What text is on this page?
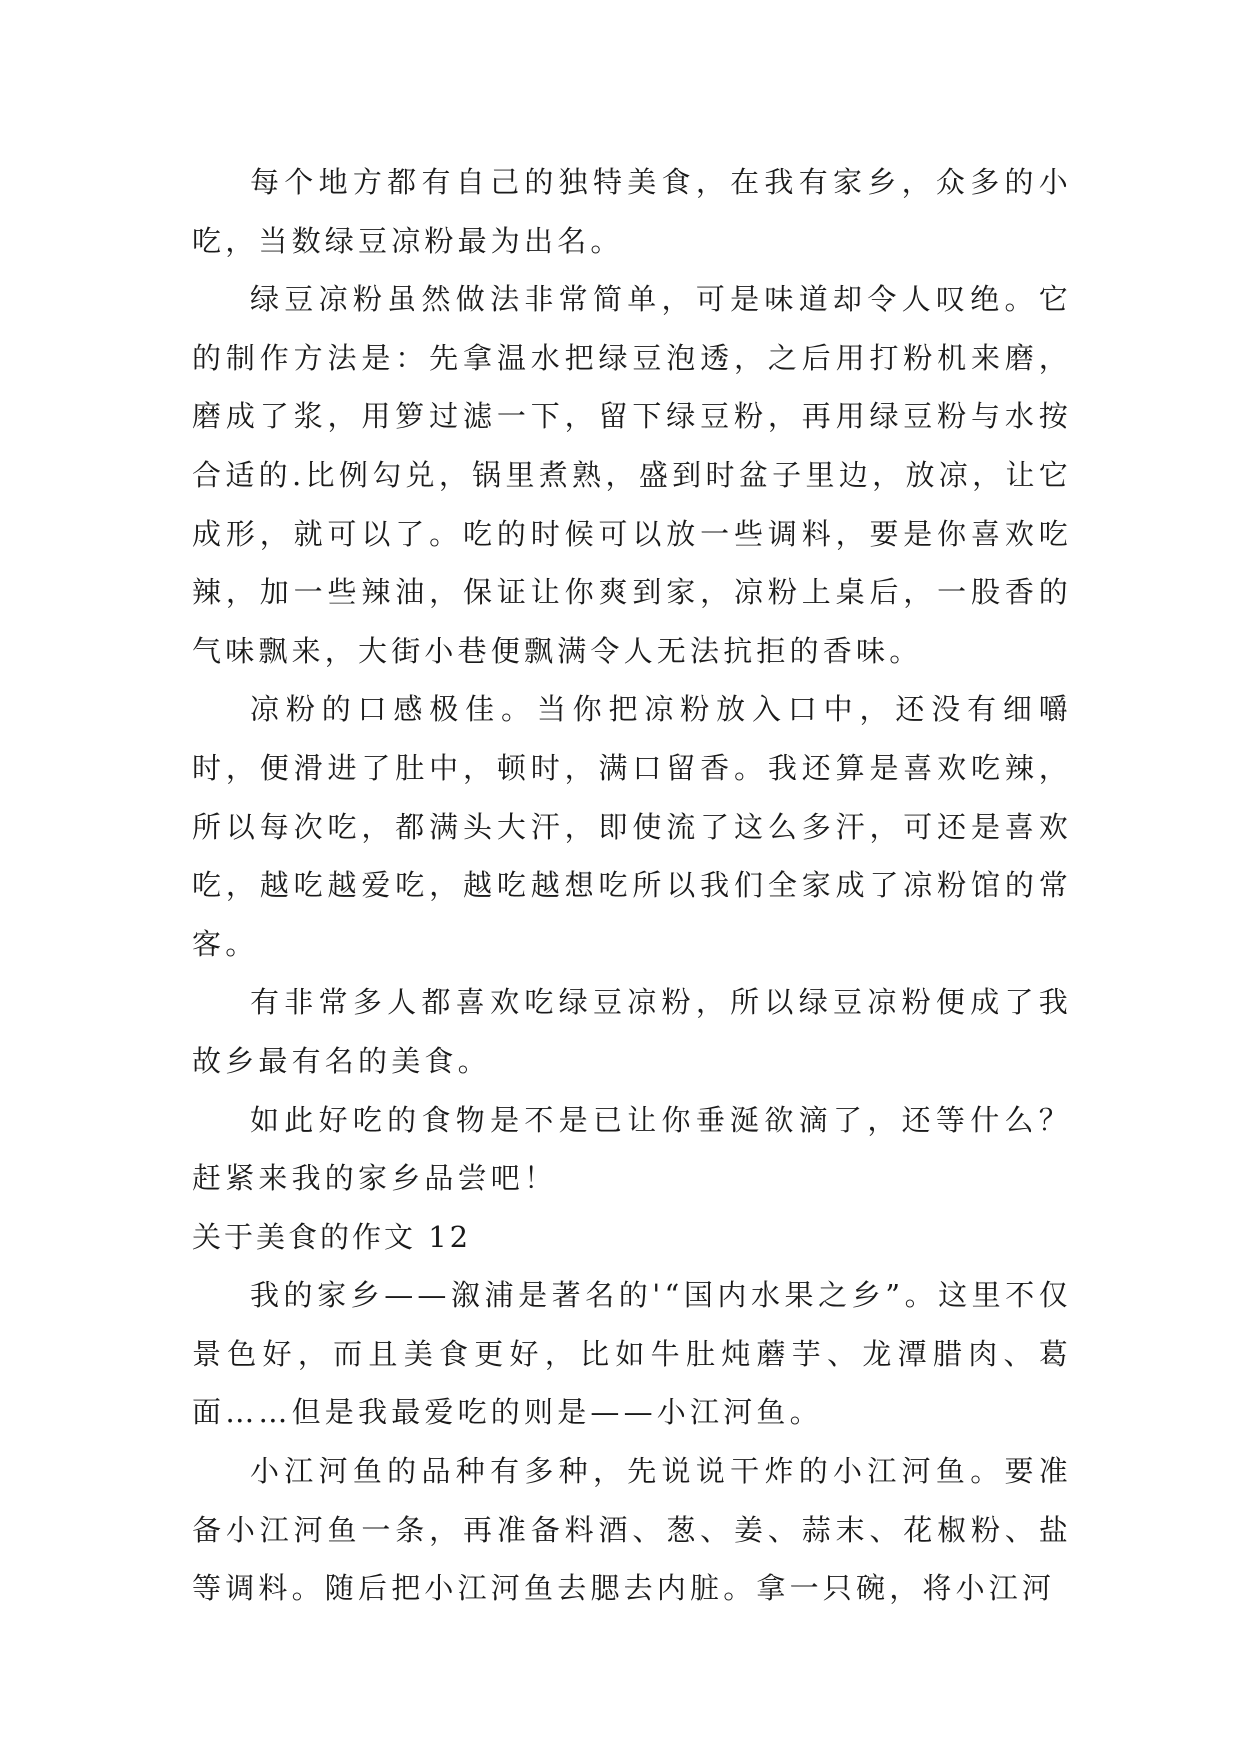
每个地方都有自己的独特美食，在我有家乡，众多的小吃，当数绿豆凉粉最为出名。

绿豆凉粉虽然做法非常简单，可是味道却令人叹绝。它的制作方法是：先拿温水把绿豆泡透，之后用打粉机来磨，磨成了浆，用箩过滤一下，留下绿豆粉，再用绿豆粉与水按合适的.比例勾兑，锅里煮熟，盛到时盆子里边，放凉，让它成形，就可以了。吃的时候可以放一些调料，要是你喜欢吃辣，加一些辣油，保证让你爽到家，凉粉上桌后，一股香的气味飘来，大街小巷便飘满令人无法抗拒的香味。

凉粉的口感极佳。当你把凉粉放入口中，还没有细嚼时，便滑进了肚中，顿时，满口留香。我还算是喜欢吃辣，所以每次吃，都满头大汗，即使流了这么多汗，可还是喜欢吃，越吃越爱吃，越吃越想吃所以我们全家成了凉粉馆的常客。

有非常多人都喜欢吃绿豆凉粉，所以绿豆凉粉便成了我故乡最有名的美食。

如此好吃的食物是不是已让你垂涎欲滴了，还等什么？赶紧来我的家乡品尝吧！

关于美食的作文 12

我的家乡——溆浦是著名的'“国内水果之乡”。这里不仅景色好，而且美食更好，比如牛肚炖蘑芋、龙潭腊肉、葛面……但是我最爱吃的则是——小江河鱼。

小江河鱼的品种有多种，先说说干炸的小江河鱼。要准备小江河鱼一条，再准备料酒、葱、姜、蒜末、花椒粉、盐等调料。随后把小江河鱼去腮去内脏。拿一只碗，将小江河
